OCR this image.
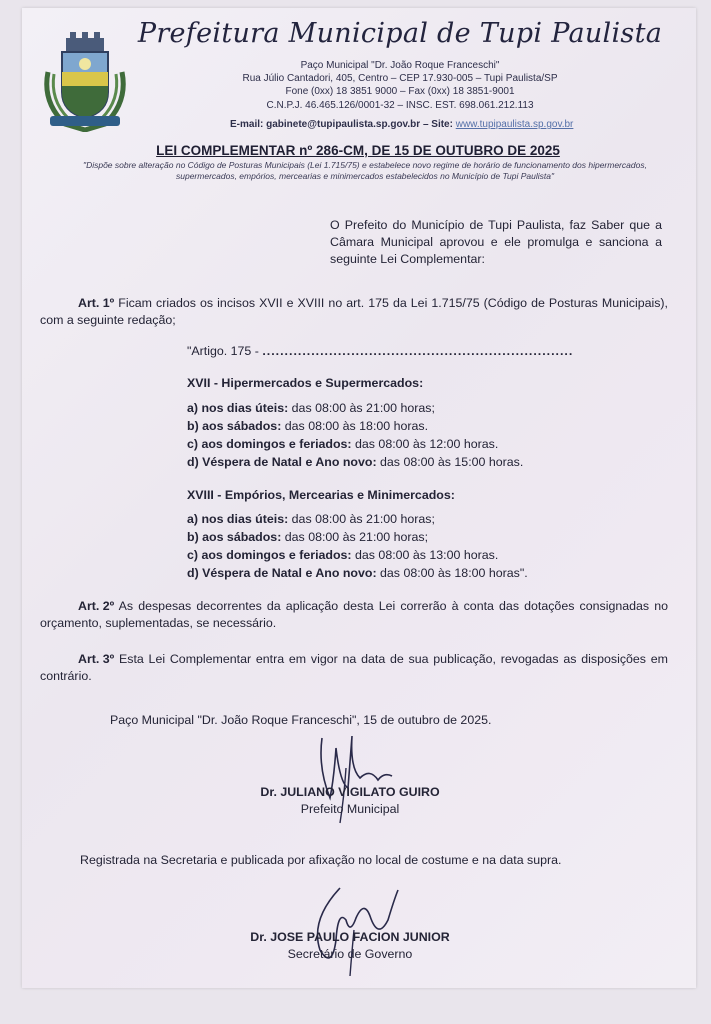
Prefeitura Municipal de Tupi Paulista
Paço Municipal "Dr. João Roque Franceschi"
Rua Júlio Cantadori, 405, Centro – CEP 17.930-005 – Tupi Paulista/SP
Fone (0xx) 18 3851 9000 – Fax (0xx) 18 3851-9001
C.N.P.J. 46.465.126/0001-32 – INSC. EST. 698.061.212.113
E-mail: gabinete@tupipaulista.sp.gov.br – Site: www.tupipaulista.sp.gov.br
LEI COMPLEMENTAR nº 286-CM, DE 15 DE OUTUBRO DE 2025
"Dispõe sobre alteração no Código de Posturas Municipais (Lei 1.715/75) e estabelece novo regime de horário de funcionamento dos hipermercados, supermercados, empórios, mercearias e minimercados estabelecidos no Município de Tupi Paulista"
O Prefeito do Município de Tupi Paulista, faz Saber que a Câmara Municipal aprovou e ele promulga e sanciona a seguinte Lei Complementar:
Art. 1º Ficam criados os incisos XVII e XVIII no art. 175 da Lei 1.715/75 (Código de Posturas Municipais), com a seguinte redação;
"Artigo. 175 - ......................................................................
XVII - Hipermercados e Supermercados:
a) nos dias úteis: das 08:00 às 21:00 horas;
b) aos sábados: das 08:00 às 18:00 horas.
c) aos domingos e feriados: das 08:00 às 12:00 horas.
d) Véspera de Natal e Ano novo: das 08:00 às 15:00 horas.
XVIII - Empórios, Mercearias e Minimercados:
a) nos dias úteis: das 08:00 às 21:00 horas;
b) aos sábados: das 08:00 às 21:00 horas;
c) aos domingos e feriados: das 08:00 às 13:00 horas.
d) Véspera de Natal e Ano novo: das 08:00 às 18:00 horas".
Art. 2º As despesas decorrentes da aplicação desta Lei correrão à conta das dotações consignadas no orçamento, suplementadas, se necessário.
Art. 3º Esta Lei Complementar entra em vigor na data de sua publicação, revogadas as disposições em contrário.
Paço Municipal "Dr. João Roque Franceschi", 15 de outubro de 2025.
Dr. JULIANO VIGILATO GUIRO
Prefeito Municipal
Registrada na Secretaria e publicada por afixação no local de costume e na data supra.
Dr. JOSE PAULO FACION JUNIOR
Secretário de Governo
